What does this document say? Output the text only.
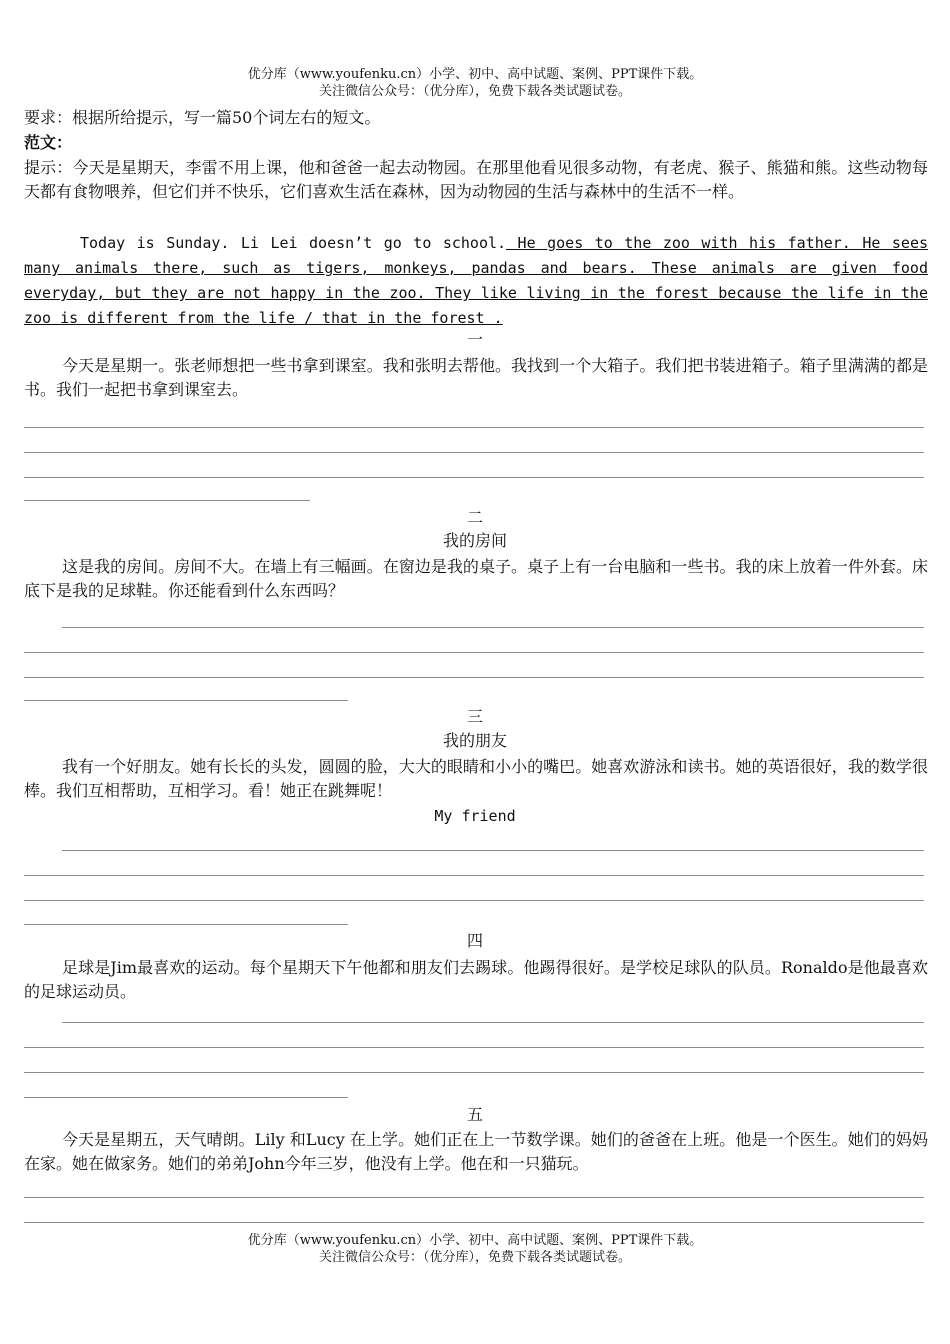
优分库（www.youfenku.cn）小学、初中、高中试题、案例、PPT课件下载。
关注微信公众号：（优分库），免费下载各类试题试卷。
要求：根据所给提示，写一篇50个词左右的短文。
范文：
提示：今天是星期天，李雷不用上课，他和爸爸一起去动物园。在那里他看见很多动物，有老虎、猴子、熊猫和熊。这些动物每天都有食物喂养，但它们并不快乐，它们喜欢生活在森林，因为动物园的生活与森林中的生活不一样。
Today is Sunday. Li Lei doesn’t go to school. He goes to the zoo with his father. He sees many animals there, such as tigers, monkeys, pandas and bears. These animals are given food everyday, but they are not happy in the zoo. They like living in the forest because the life in the zoo is different from the life / that in the forest .
一
今天是星期一。张老师想把一些书拿到课室。我和张明去帮他。我找到一个大箱子。我们把书装进箱子。箱子里满满的都是书。我们一起把书拿到课室去。
二
我的房间
这是我的房间。房间不大。在墙上有三幅画。在窗边是我的桌子。桌子上有一台电脑和一些书。我的床上放着一件外套。床底下是我的足球鞋。你还能看到什么东西吗？
三
我的朋友
我有一个好朋友。她有长长的头发，圆圆的脸，大大的眼睛和小小的嘴巴。她喜欢游泳和读书。她的英语很好，我的数学很棒。我们互相帮助，互相学习。看！她正在跳舞呢！
My friend
四
足球是Jim最喜欢的运动。每个星期天下午他都和朋友们去踢球。他踢得很好。是学校足球队的队员。Ronaldo是他最喜欢的足球运动员。
五
今天是星期五，天气晴朗。Lily 和Lucy 在上学。她们正在上一节数学课。她们的爸爸在上班。他是一个医生。她们的妈妈在家。她在做家务。她们的弟弟John今年三岁，他没有上学。他在和一只猫玩。
优分库（www.youfenku.cn）小学、初中、高中试题、案例、PPT课件下载。
关注微信公众号：（优分库），免费下载各类试题试卷。
